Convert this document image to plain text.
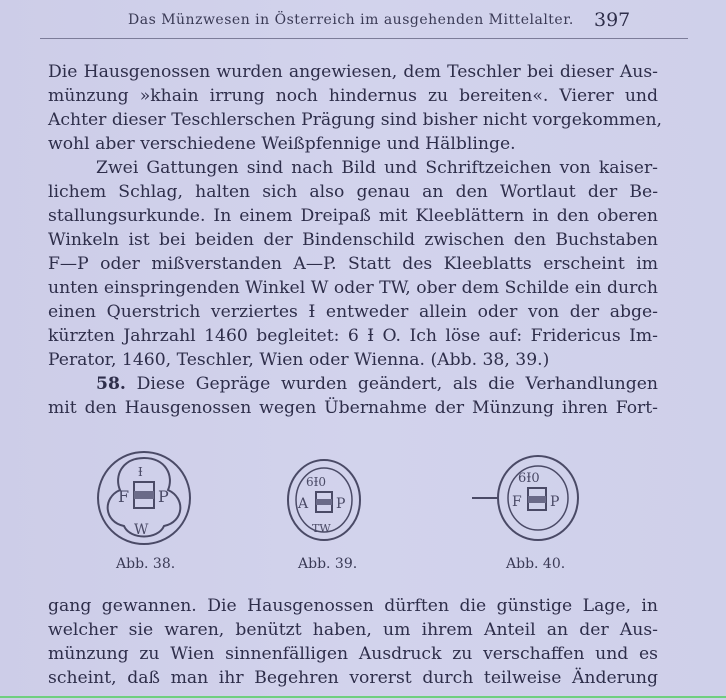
Das Münzwesen in Österreich im ausgehenden Mittelalter. 397
Die Hausgenossen wurden angewiesen, dem Teschler bei dieser Aus-
münzung »khain irrung noch hindernus zu bereiten«. Vierer und
Achter dieser Teschlerschen Prägung sind bisher nicht vorgekommen,
wohl aber verschiedene Weißpfennige und Hälblinge.
Zwei Gattungen sind nach Bild und Schriftzeichen von kaiser-
lichem Schlag, halten sich also genau an den Wortlaut der Be-
stallungsurkunde. In einem Dreipaß mit Kleeblättern in den oberen
Winkeln ist bei beiden der Bindenschild zwischen den Buchstaben
F—P oder mißverstanden A—P. Statt des Kleeblatts erscheint im
unten einspringenden Winkel W oder TW, ober dem Schilde ein durch
einen Querstrich verziertes Ɨ entweder allein oder von der abge-
kürzten Jahrzahl 1460 begleitet: 6 Ɨ O. Ich löse auf: Fridericus Im-
Perator, 1460, Teschler, Wien oder Wienna. (Abb. 38, 39.)
58. Diese Gepräge wurden geändert, als die Verhandlungen
mit den Hausgenossen wegen Übernahme der Münzung ihren Fort-
F P
W
Ɨ
6Ɨ0
A P
TW
6Ɨ0
F P
Abb. 38.	Abb. 39.	Abb. 40.
gang gewannen. Die Hausgenossen dürften die günstige Lage, in
welcher sie waren, benützt haben, um ihrem Anteil an der Aus-
münzung zu Wien sinnenfälligen Ausdruck zu verschaffen und es
scheint, daß man ihr Begehren vorerst durch teilweise Änderung
